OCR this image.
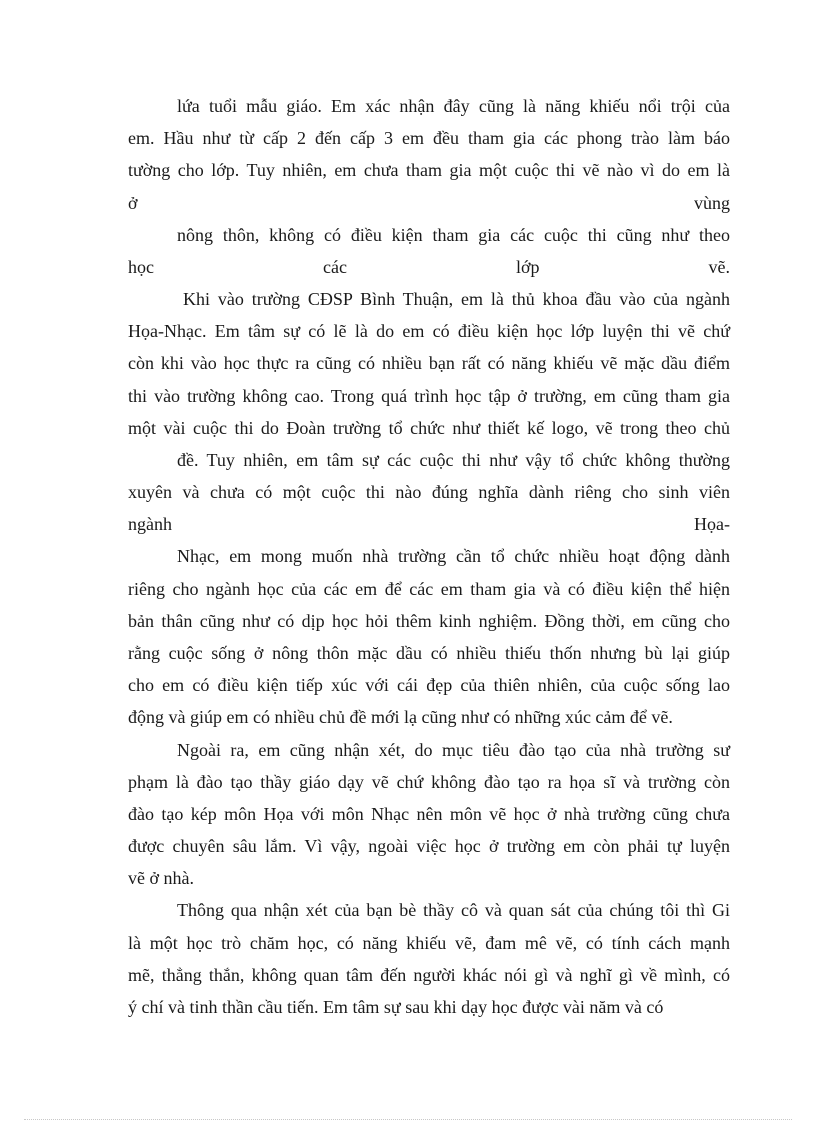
lứa tuổi mẫu giáo. Em xác nhận đây cũng là năng khiếu nổi trội của
em. Hầu như từ cấp 2 đến cấp 3 em đều tham gia các phong trào làm báo
tường cho lớp. Tuy nhiên, em chưa tham gia một cuộc thi vẽ nào vì do em là
ở vùng
nông thôn, không có điều kiện tham gia các cuộc thi cũng như theo
học các lớp vẽ.
Khi vào trường CĐSP Bình Thuận, em là thủ khoa đầu vào của ngành
Họa-Nhạc. Em tâm sự có lẽ là do em có điều kiện học lớp luyện thi vẽ chứ
còn khi vào học thực ra cũng có nhiều bạn rất có năng khiếu vẽ mặc dầu điểm
thi vào trường không cao. Trong quá trình học tập ở trường, em cũng tham gia
một vài cuộc thi do Đoàn trường tổ chức như thiết kế logo, vẽ trong theo chủ
đề. Tuy nhiên, em tâm sự các cuộc thi như vậy tổ chức không thường
xuyên và chưa có một cuộc thi nào đúng nghĩa dành riêng cho sinh viên
ngành Họa-
Nhạc, em mong muốn nhà trường cần tổ chức nhiều hoạt động dành
riêng cho ngành học của các em để các em tham gia và có điều kiện thể hiện
bản thân cũng như có dịp học hỏi thêm kinh nghiệm. Đồng thời, em cũng cho
rằng cuộc sống ở nông thôn mặc dầu có nhiều thiếu thốn nhưng bù lại giúp
cho em có điều kiện tiếp xúc với cái đẹp của thiên nhiên, của cuộc sống lao
động và giúp em có nhiều chủ đề mới lạ cũng như có những xúc cảm để vẽ.
Ngoài ra, em cũng nhận xét, do mục tiêu đào tạo của nhà trường sư
phạm là đào tạo thầy giáo dạy vẽ chứ không đào tạo ra họa sĩ và trường còn
đào tạo kép môn Họa với môn Nhạc nên môn vẽ học ở nhà trường cũng chưa
được chuyên sâu lắm. Vì vậy, ngoài việc học ở trường em còn phải tự luyện
vẽ ở nhà.
Thông qua nhận xét của bạn bè thầy cô và quan sát của chúng tôi thì Gi
là một học trò chăm học, có năng khiếu vẽ, đam mê vẽ, có tính cách mạnh
mẽ, thẳng thắn, không quan tâm đến người khác nói gì và nghĩ gì về mình, có
ý chí và tinh thần cầu tiến. Em tâm sự sau khi dạy học được vài năm và có
